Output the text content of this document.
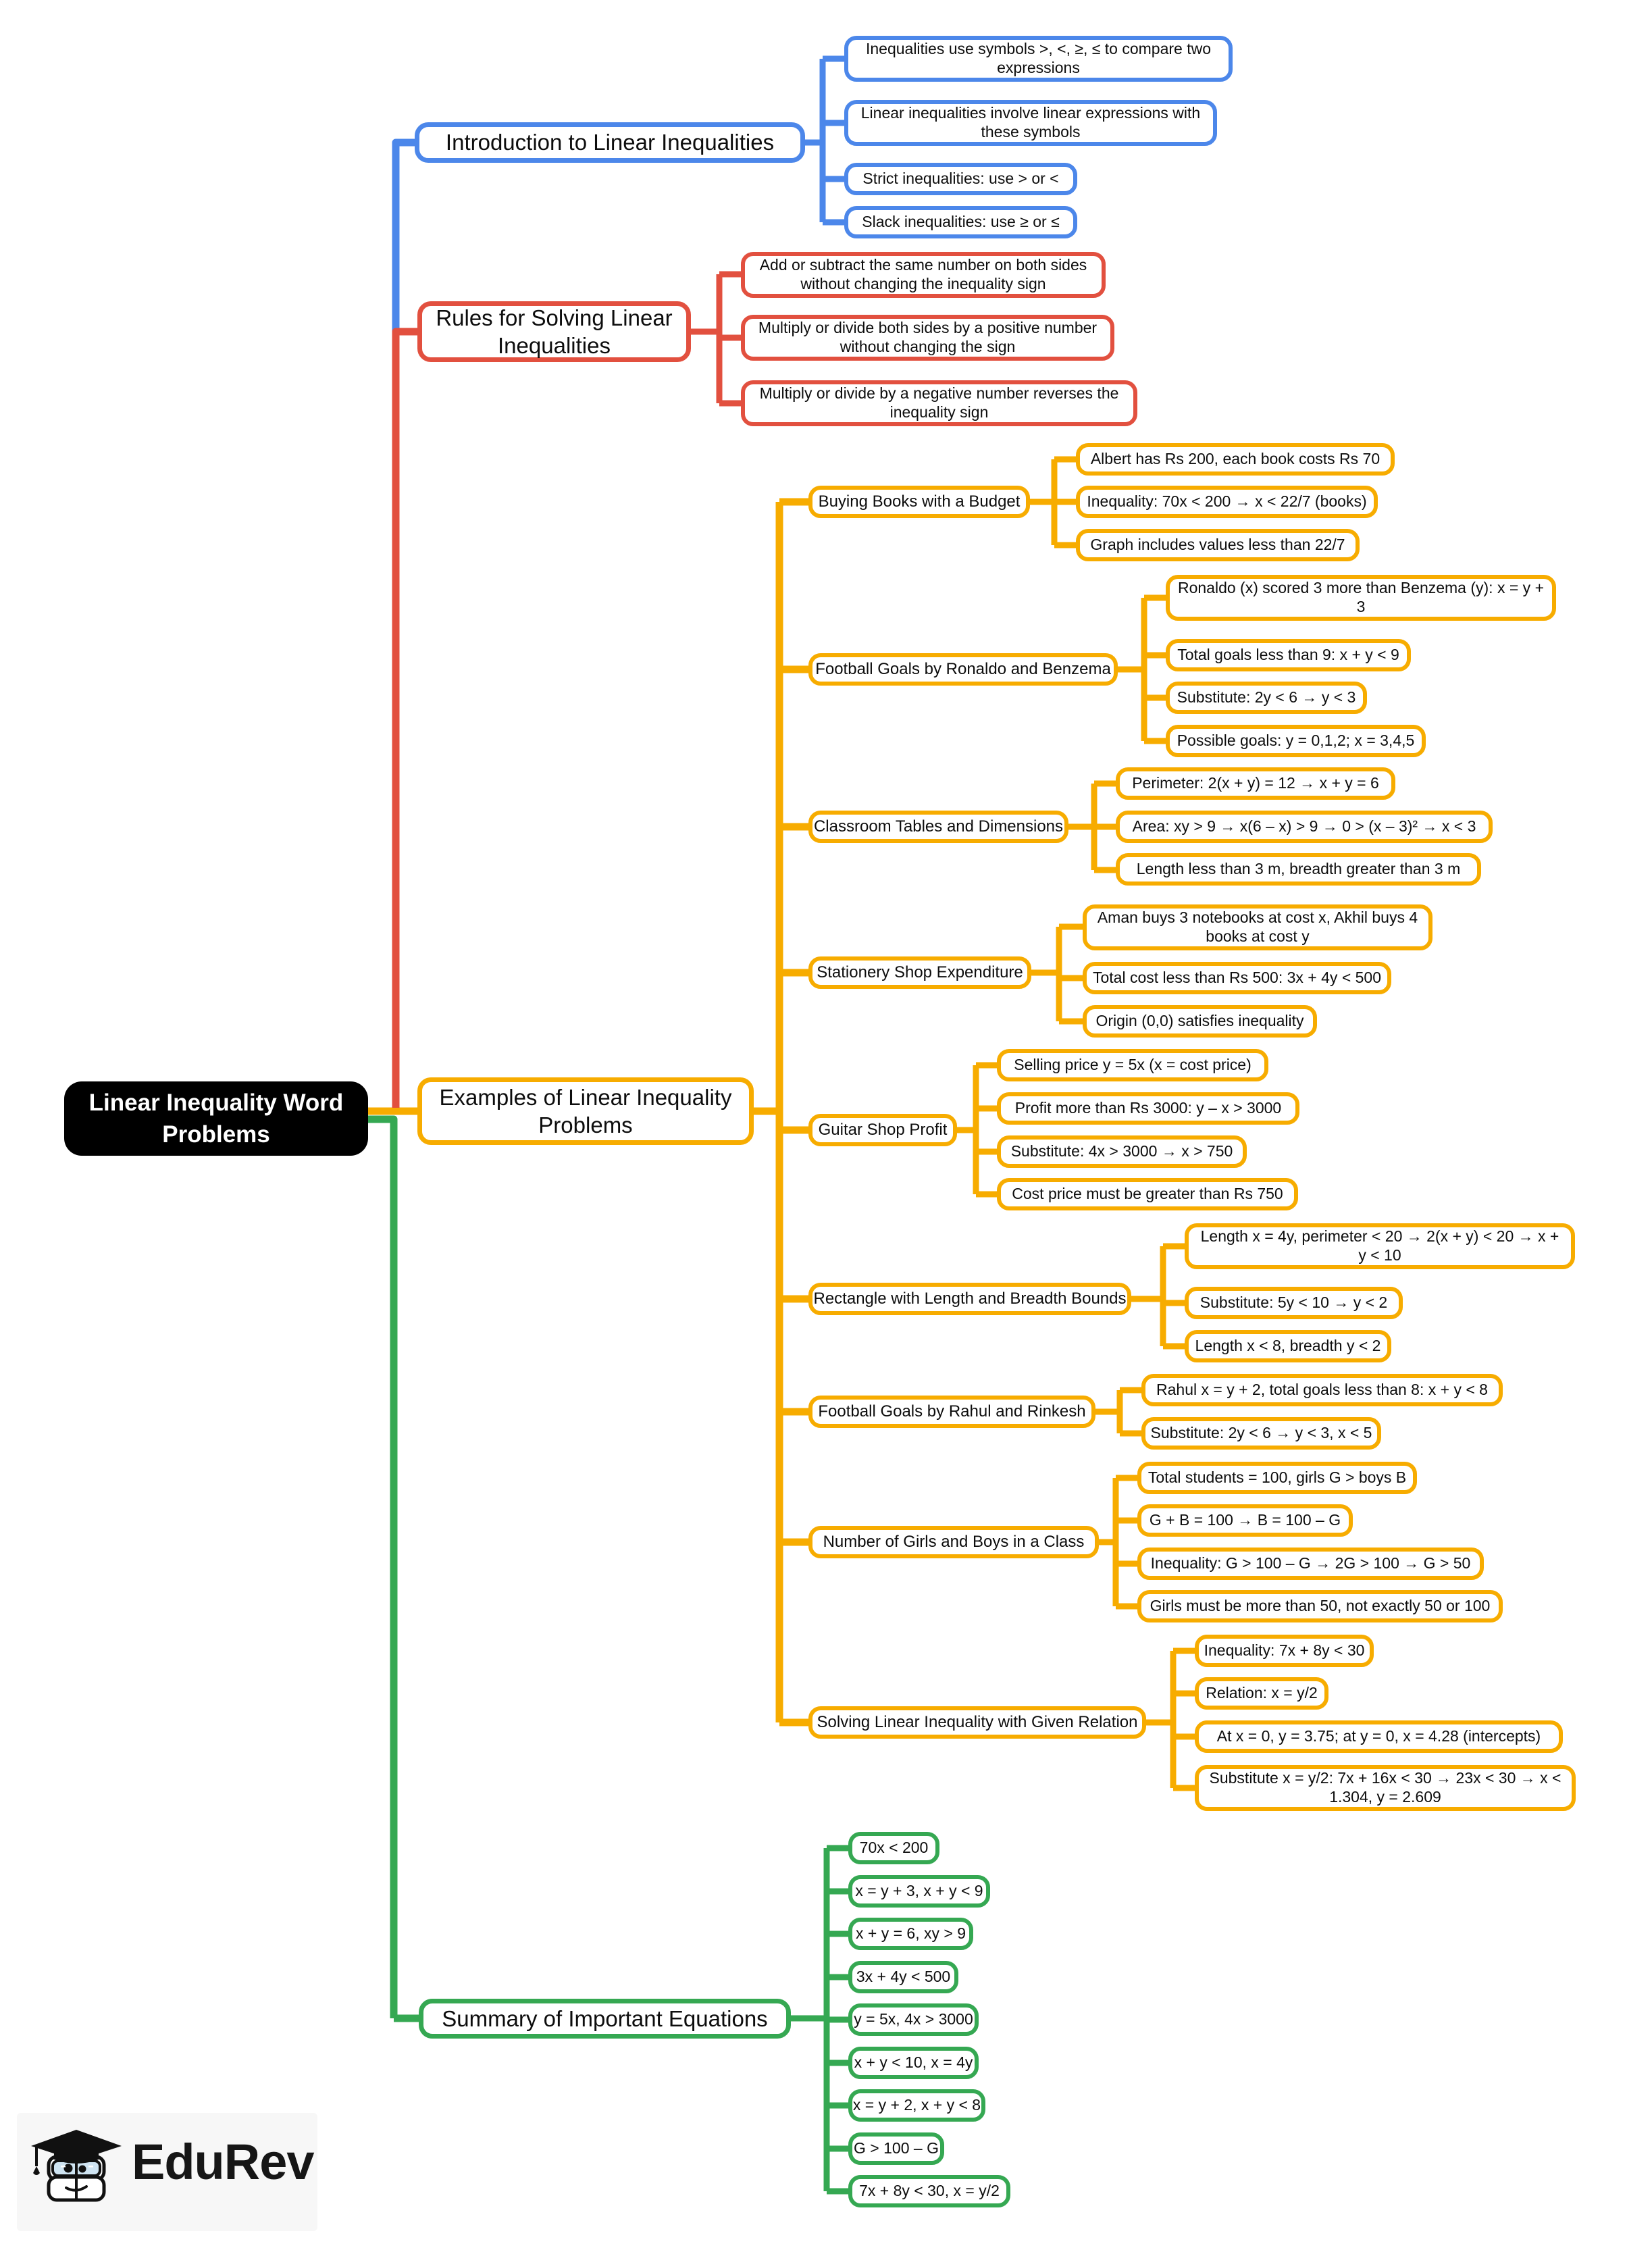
Linear Inequality Word Problems
Introduction to Linear Inequalities
Rules for Solving Linear Inequalities
Examples of Linear Inequality Problems
Summary of Important Equations
Inequalities use symbols >, <, ≥, ≤ to compare two expressions
Linear inequalities involve linear expressions with these symbols
Strict inequalities: use > or <
Slack inequalities: use ≥ or ≤
Add or subtract the same number on both sides without changing the inequality sign
Multiply or divide both sides by a positive number without changing the sign
Multiply or divide by a negative number reverses the inequality sign
Buying Books with a Budget
Football Goals by Ronaldo and Benzema
Classroom Tables and Dimensions
Stationery Shop Expenditure
Guitar Shop Profit
Rectangle with Length and Breadth Bounds
Football Goals by Rahul and Rinkesh
Number of Girls and Boys in a Class
Solving Linear Inequality with Given Relation
Albert has Rs 200, each book costs Rs 70
Inequality: 70x < 200 → x < 22/7 (books)
Graph includes values less than 22/7
Ronaldo (x) scored 3 more than Benzema (y): x = y + 3
Total goals less than 9: x + y < 9
Substitute: 2y < 6 → y < 3
Possible goals: y = 0,1,2; x = 3,4,5
Perimeter: 2(x + y) = 12 → x + y = 6
Area: xy > 9 → x(6 – x) > 9 → 0 > (x – 3)² → x < 3
Length less than 3 m, breadth greater than 3 m
Aman buys 3 notebooks at cost x, Akhil buys 4 books at cost y
Total cost less than Rs 500: 3x + 4y < 500
Origin (0,0) satisfies inequality
Selling price y = 5x (x = cost price)
Profit more than Rs 3000: y – x > 3000
Substitute: 4x > 3000 → x > 750
Cost price must be greater than Rs 750
Length x = 4y, perimeter < 20 → 2(x + y) < 20 → x + y < 10
Substitute: 5y < 10 → y < 2
Length x < 8, breadth y < 2
Rahul x = y + 2, total goals less than 8: x + y < 8
Substitute: 2y < 6 → y < 3, x < 5
Total students = 100, girls G > boys B
G + B = 100 → B = 100 – G
Inequality: G > 100 – G → 2G > 100 → G > 50
Girls must be more than 50, not exactly 50 or 100
Inequality: 7x + 8y < 30
Relation: x = y/2
At x = 0, y = 3.75; at y = 0, x = 4.28 (intercepts)
Substitute x = y/2: 7x + 16x < 30 → 23x < 30 → x < 1.304, y = 2.609
70x < 200
x = y + 3, x + y < 9
x + y = 6, xy > 9
3x + 4y < 500
y = 5x, 4x > 3000
x + y < 10, x = 4y
x = y + 2, x + y < 8
G > 100 – G
7x + 8y < 30, x = y/2
EduRev
